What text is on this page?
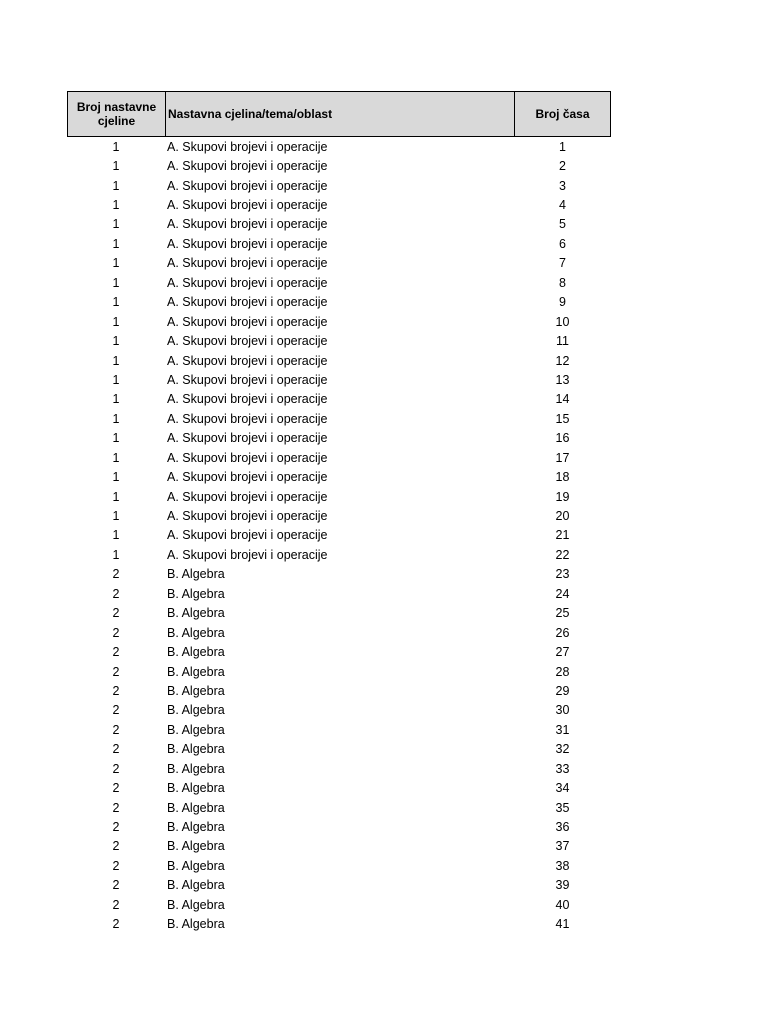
Broj nastavne cjeline	Nastavna cjelina/tema/oblast	Broj časa
1	A. Skupovi brojevi i operacije	1
1	A. Skupovi brojevi i operacije	2
1	A. Skupovi brojevi i operacije	3
1	A. Skupovi brojevi i operacije	4
1	A. Skupovi brojevi i operacije	5
1	A. Skupovi brojevi i operacije	6
1	A. Skupovi brojevi i operacije	7
1	A. Skupovi brojevi i operacije	8
1	A. Skupovi brojevi i operacije	9
1	A. Skupovi brojevi i operacije	10
1	A. Skupovi brojevi i operacije	11
1	A. Skupovi brojevi i operacije	12
1	A. Skupovi brojevi i operacije	13
1	A. Skupovi brojevi i operacije	14
1	A. Skupovi brojevi i operacije	15
1	A. Skupovi brojevi i operacije	16
1	A. Skupovi brojevi i operacije	17
1	A. Skupovi brojevi i operacije	18
1	A. Skupovi brojevi i operacije	19
1	A. Skupovi brojevi i operacije	20
1	A. Skupovi brojevi i operacije	21
1	A. Skupovi brojevi i operacije	22
2	B. Algebra	23
2	B. Algebra	24
2	B. Algebra	25
2	B. Algebra	26
2	B. Algebra	27
2	B. Algebra	28
2	B. Algebra	29
2	B. Algebra	30
2	B. Algebra	31
2	B. Algebra	32
2	B. Algebra	33
2	B. Algebra	34
2	B. Algebra	35
2	B. Algebra	36
2	B. Algebra	37
2	B. Algebra	38
2	B. Algebra	39
2	B. Algebra	40
2	B. Algebra	41
